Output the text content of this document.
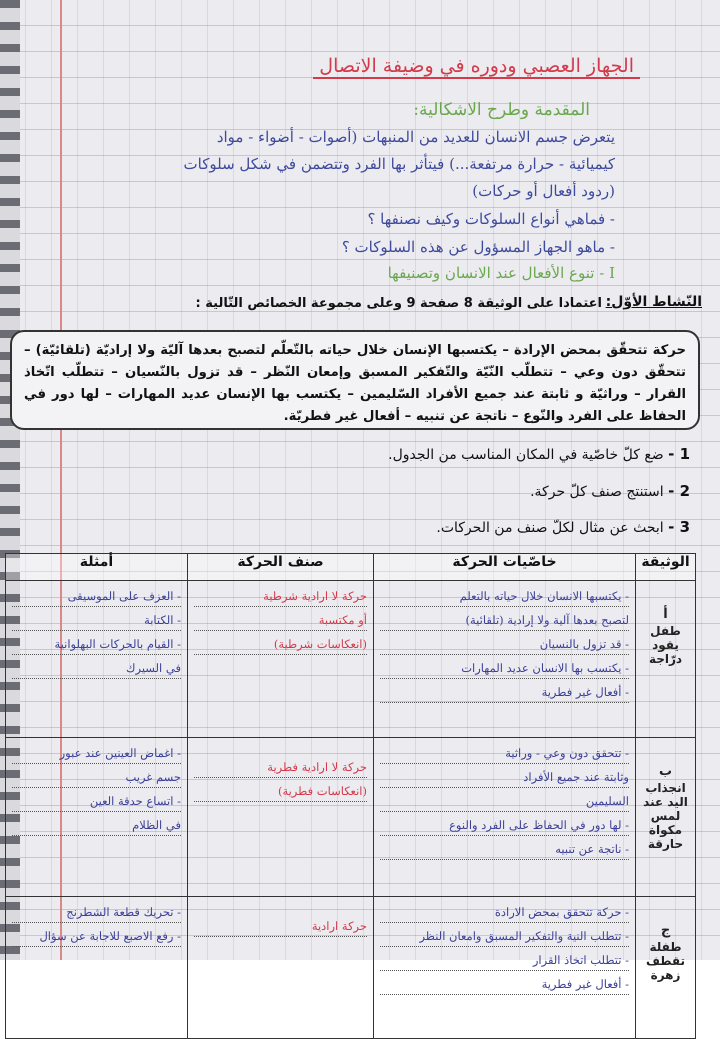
الجهاز العصبي ودوره في وضيفة الاتصال
المقدمة وطرح الاشكالية:
يتعرض جسم الانسان للعديد من المنبهات (أصوات - أضواء - مواد
كيميائية - حرارة مرتفعة...) فيتأثر بها الفرد وتتضمن في شكل سلوكات
(ردود أفعال أو حركات)
- فماهي أنواع السلوكات وكيف نصنفها ؟
- ماهو الجهاز المسؤول عن هذه السلوكات ؟
I - تنوع الأفعال عند الانسان وتصنيفها
النّشاط الأوّل:
اعتمادا على الوثيقة 8 صفحة 9 وعلى مجموعة الخصائص التّالية :
حركة تتحقّق بمحض الإرادة – يكتسبها الإنسان خلال حياته بالتّعلّم لتصبح بعدها آليّة ولا إراديّة (تلقائيّة) – تتحقّق دون وعي – تتطلّب النّيّة والتّفكير المسبق وإمعان النّظر – قد تزول بالنّسيان – تتطلّب اتّخاذ القرار – وراثيّة و ثابتة عند جميع الأفراد السّليمين – يكتسب بها الإنسان عديد المهارات – لها دور في الحفاظ على الفرد والنّوع – ناتجة عن تنبيه – أفعال غير فطريّة.
1 - ضع كلّ خاصّية في المكان المناسب من الجدول.
2 - استنتج صنف كلّ حركة.
3 - ابحث عن مثال لكلّ صنف من الحركات.
الوثيقة	خاصّيات الحركة	صنف الحركة	أمثلة

أ
طفل يقود درّاجة	- يكتسبها الانسان خلال حياته بالتعلم
لتصبح بعدها آلية ولا إرادية (تلقائية)
- قد تزول بالنسيان
- يكتسب بها الانسان عديد المهارات
- أفعال غير فطرية	حركة لا ارادية شرطية
أو مكتسبة
(انعكاسات شرطية)	- العزف على الموسيقى
- الكتابة
- القيام بالحركات البهلوانية
في السيرك

ب
انجذاب اليد عند لمس مكواة حارقة	- تتحقق دون وعي - وراثية
وثابتة عند جميع الأفراد
السليمين
- لها دور في الحفاظ على الفرد والنوع
- ناتجة عن تنبيه	حركة لا ارادية فطرية
(انعكاسات فطرية)	- اغماض العينين عند عبور
جسم غريب
- اتساع حدقة العين
في الظلام

ج
طفلة تقطف زهرة	- حركة تتحقق بمحض الارادة
- تتطلب النية والتفكير المسبق وامعان النظر
- تتطلب اتخاذ القرار
- أفعال غير فطرية	حركة ارادية	- تحريك قطعة الشطرنج
- رفع الاصبع للاجابة عن سؤال
